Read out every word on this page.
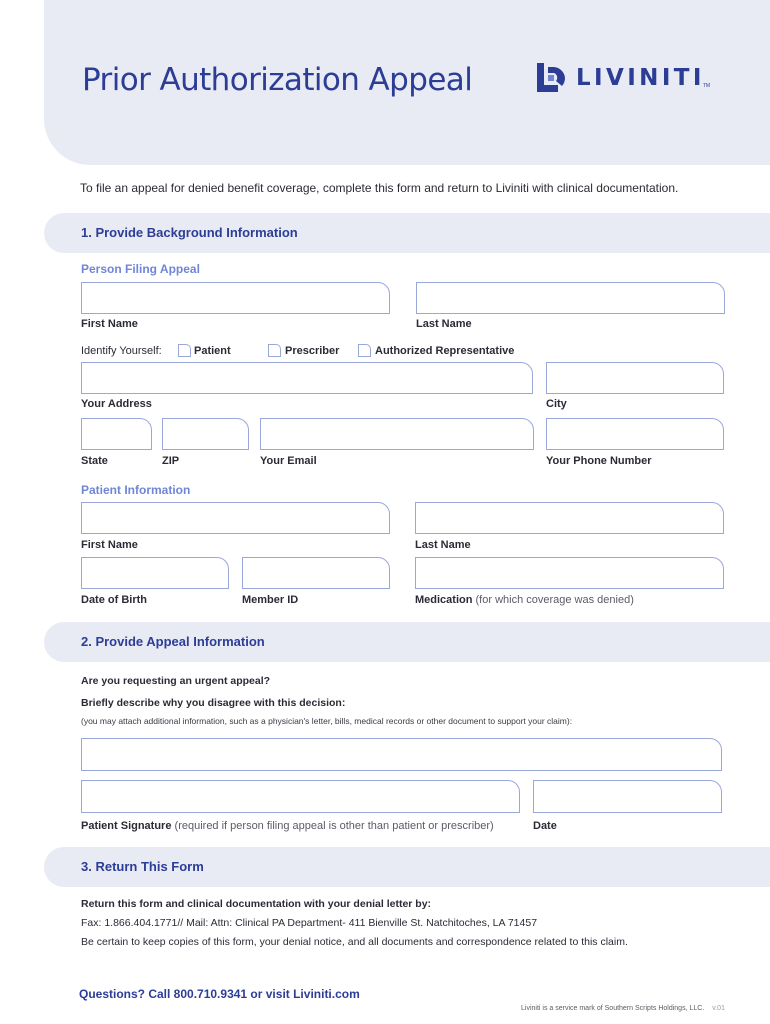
Prior Authorization Appeal	LIVINITI
TM

To file an appeal for denied benefit coverage, complete this form and return to Liviniti with clinical documentation.

1. Provide Background Information
Person Filing Appeal
First Name	Last Name
Identify Yourself:	Patient	Prescriber	Authorized Representative
Your Address	City
State	ZIP	Your Email	Your Phone Number
Patient Information
First Name	Last Name
Date of Birth	Member ID	Medication (for which coverage was denied)
2. Provide Appeal Information
Are you requesting an urgent appeal?
Briefly describe why you disagree with this decision:
(you may attach additional information, such as a physician's letter, bills, medical records or other document to support your claim):
Patient Signature (required if person filing appeal is other than patient or prescriber)	Date
3. Return This Form
Return this form and clinical documentation with your denial letter by:
Fax: 1.866.404.1771// Mail: Attn: Clinical PA Department- 411 Bienville St. Natchitoches, LA 71457
Be certain to keep copies of this form, your denial notice, and all documents and correspondence related to this claim.
Questions? Call 800.710.9341 or visit Liviniti.com
Liviniti is a service mark of Southern Scripts Holdings, LLC. v.01
